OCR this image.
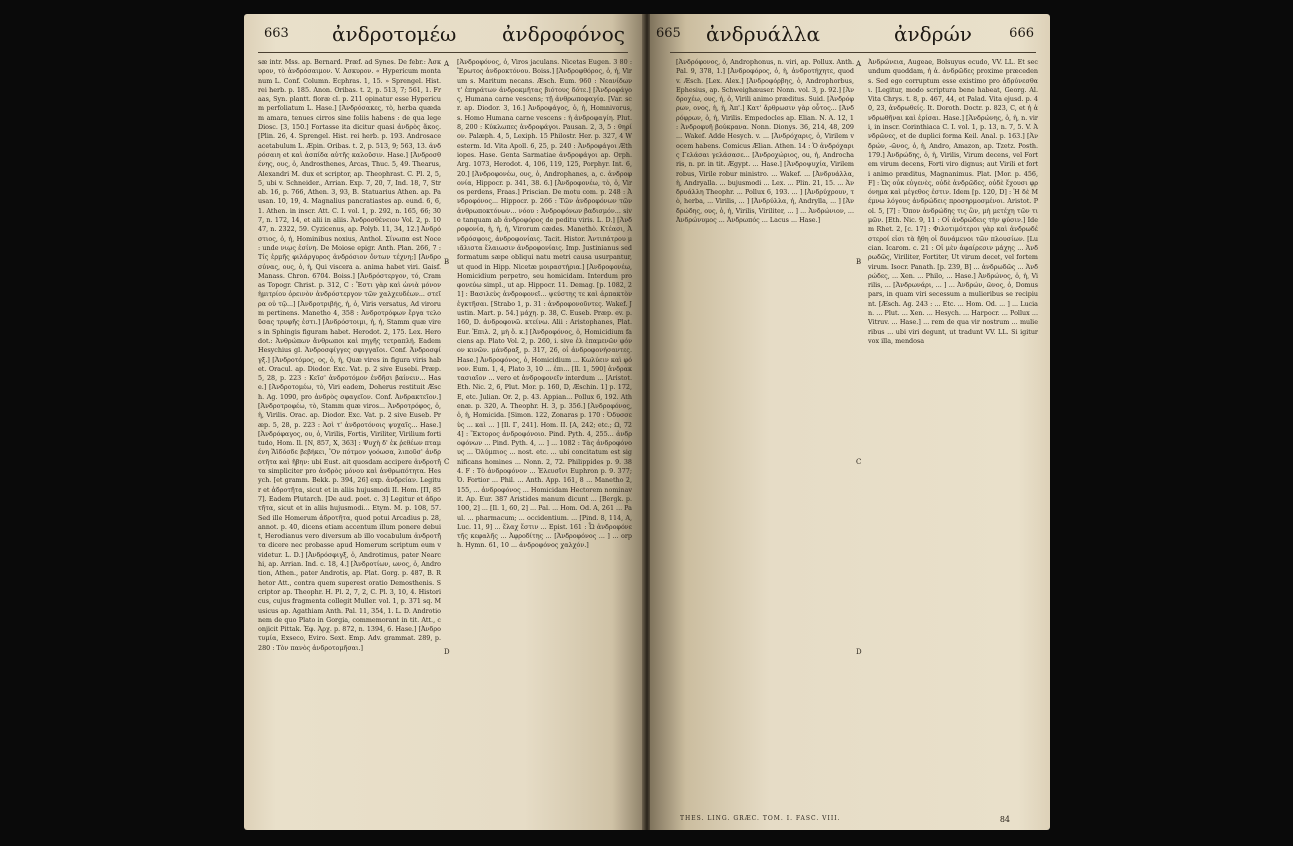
663 ἀνδροτομέω ἀνδροφόνος
sæ intr. Mss. ap. Bernard. Præf. ad Synes. De febr.: Ἀσκυρον, τὸ ἀνδρόσαιμον. V. Ἀσκυρον. « Hypericum montanum L. Conf. Column. Ecphras. 1, 15. » Sprengel. Hist. rei herb. p. 185. Anon. Oribas. t. 2, p. 513, 7; 561, 1. Fraas, Syn. plantt. floræ cl. p. 211 opinatur esse Hypericum perfoliatum L. Hase.] [Ἀνδρόσακες, τὸ, herba quædam amara, tenues cirros sine foliis habens : de qua lege Diosc. [3, 150.] Fortasse ita dicitur quasi ἀνδρὸς ἄκος. [Plin. 26, 4. Sprengel. Hist. rei herb. p. 193. Androsace acetabulum L. Æpin. Oribas. t. 2, p. 513, 9; 563, 13. ἀνδρόσαιη et καὶ ἀσπίδα αὐτῆς καλοῦσιν. Hase.] [Ἀνδροσθένης, ους, ὁ, Androsthenes, Arcas, Thuc. 5, 49. Thearus, Alexandri M. dux et scriptor, ap. Theophrast. C. Pl. 2, 5, 5, ubi v. Schneider., Arrian. Exp. 7, 20, 7, Ind. 18, 7, Strab. 16, p. 766, Athen. 3, 93, B. Statuarius Athen. ap. Pausan. 10, 19, 4. Magnalius pancratiastes ap. eund. 6, 6, 1. Athen. in inscr. Att. C. I. vol. 1, p. 292, n. 165, 66; 307, n. 172, 14, et alii in aliis. Ἀνδροσθένειον Vol. 2, p. 1047, n. 2322, 59. Cyzicenus, ap. Polyb. 11, 34, 12.] Ἀνδρόστιος, ὁ, ἡ, Hominibus noxius, Anthol. Σίνωπα est Noce : unde νιῳς ἐσίνη. De Moiose epigr. Anth. Plan. 266, 7 : Τίς ἑρμῆς φιλάργυρος ἀνδρόσιον ὄντων τέχνη;] [Ἀνδροσύνας, ους, ὁ, ἡ, Qui viscera a. anima habet viri. Gaisf. Manass. Chron. 6704. Boiss.] [Ἀνδρόστεργον, τό, Cramas Topogr. Christ. p. 312, C : Ἔστι γὰρ καὶ ὡνιὰ μόνον ἡμιτρίου ὀρεινὸν ἀνδρόστεργον τῶν χαλχευδέων... στεῖρα οὐ τῷ...] [Ἀνδροτριβής, ἡ, ὁ, Viris versatus, Ad virorum pertinens. Manetho 4, 358 : Ἀνδροτρόφων ἔργα τελοῦσας τρυφῆς ἐστι.] [Ἀνδρόστοιμι, ἡ, ἡ, Stamm quæ vires in Sphingis figuram habet. Herodot. 2, 175. Lex. Herodot.: Ἀνθρώπων ἄνθρωποι καὶ πηγῆς τετραπλή. Eadem Hesychius gl. Ἀνδροσφίγγες σφιγγαῖοι. Conf. Ἀνδροσφίγξ.] [Ἀνδροτόμος, ος, ὁ, ἡ, Quæ vires in figura viris habet. Oracul. ap. Diodor. Exc. Vat. p. 2 sive Eusebi. Præp. 5, 28, p. 223 : Κεῖσ' ἀνδροτόμον ἐνδῆσι βαίνειν... Hase.] [Ἀνδροτομέω, τὸ, Viri eadem, Doherus restituit Æsch. Ag. 1090, pro ἀνδρὸς σφαγεῖον. Conf. Ἀνδρακτεῖον.] [Ἀνδροτροφέω, τὸ, Stamm quæ viros... Ἀνδροτρόφος, ὁ, ἡ, Virilis. Orac. ap. Diodor. Exc. Vat. p. 2 sive Euseb. Præp. 5, 28, p. 223 : Ἀσὶ τ' ἀνδροτόνοις ψυχαῖς... Hase.] [Ἀνδρόφαγος, ου, ὁ, Virilis, Fortis, Viriliter, Virilium fortitudo, Hom. Il. [N, 857, X, 363] : Ψυχὴ δ' ἐκ ῥεθέων πταμένη Ἄϊδόσδε βεβήκει, Ὃν πότμον γοόωσα, λιποῦσ' ἀνδροτῆτα καὶ ἥβην: ubi Eust. ait quosdam accipere ἀνδροτῆτα simpliciter pro ἀνδρὸς μόνου καὶ ἀνθρωπότητα. Hesych. [et gramm. Bekk. p. 394, 26] exp. ἀνδρείαν. Legitur et ἀδροτῆτα, sicut et in aliis hujusmodi II. Hom. [Π, 857]. Eadem Plutarch. [De aud. poet. c. 3] Legitur et ἀδροτῆτα, sicut et in aliis hujusmodi... Etym. M. p. 108, 57. Sed ille Homerum ἀδροτῆτα, quod potui Arcadius p. 28, annot. p. 40, dicens etiam accentum illum ponere debuit, Herodianus vero diversum ab illo vocabulum ἀνδροτῆτα dicere nec probasse apud Homerum scriptum eum v videtur. L. D.] [Ἀνδρόσφιγξ, ὁ, Androtimus, pater Nearchi, ap. Arrian. Ind. c. 18, 4.] [Ἀνδροτίων, ωνος, ὁ, Androtion, Athen., pater Androtis, ap. Plat. Gorg. p. 487, B. Rhetor Att., contra quem superest oratio Demosthenis. Scriptor ap. Theophr. H. Pl. 2, 7, 2, C. Pl. 3, 10, 4. Historicus, cujus fragmenta collegit Muller. vol. 1, p. 371 sq. Musicus ap. Agathiam Anth. Pal. 11, 354, 1. L. D. Androtionem de quo Plato in Gorgia, commemorant in tit. Att., conjicit Pittak. Ἐφ. Ἀρχ. p. 872, n. 1394, 6. Hase.] [Ἀνδροτυμία, Exseco, Eviro. Sext. Emp. Adv. grammat. 289, p. 280 : Τὸν πανὸς ἀνδροτομῆσαι.]
A
B
C
D
[Ἀνδροφόνος, ὁ, Viros jaculans. Nicetas Eugen. 3 80 : Ἔρωτος ἀνδροκτόνου. Boiss.] [Ἀνδροφθόρος, ὁ, ἡ, Virum s. Maritum necans. Æsch. Eum. 960 : Νεανίδων τ' ἐπηράτων ἀνδροκμῆτας βιότους δότε.] [Ἀνδροφάγος, Humana carne vescens; τῇ ἀνθρωποφαγίᾳ. [Var. scr. ap. Diodor. 3, 16.] Ἀνδροφάγος, ὁ, ἡ, Homnivorus, s. Homo Humana carne vescens : ἡ ἀνδροφαγίη. Plut. 8, 200 : Κύκλωπες ἀνδροφάγοι. Pausan. 2, 3, 5 : θηρίον. Palæph. 4, 5, Lexiph. 15 Philostr. Her. p. 327, 4 Westerm. Id. Vita Apoll. 6, 25, p. 240 : Ἀνδροφάγοι Æthiopes. Hase. Genta Sarmatiae ἀνδροφάγοι ap. Orph. Arg. 1073, Herodot. 4, 106, 119, 125, Porphyr. Int. 6, 20.] [Ἀνδροφονέω, ους, ὁ, Androphanes, a, c. ἀνδροφονία, Hippocr. p. 341, 38. 6.] [Ἀνδροφονέω, τὸ, ὁ, Viros perdens, Fraas.] Priscian. De motu com. p. 248 : Ἀνδροφόνος... Hippocr. p. 266 : Τῶν ἀνδροφόνων τῶν ἀνθρωποκτόνων... νόου : Ἀνδροφόνων βαδισμόν... sive tanquam ab ἀνδροφόρος de peditu viris. L. D.] [Ἀνδροφονία, ἡ, ἡ, ἡ, Virorum cædes. Manethò. Κτέασι, Ἀνδρόσφοις, ἀνδροφονίαις. Tacit. Histor. Ἀντιπάτρου μιᾶλιστα ἔλαιωσιν ἀνδροφονίαις. Imp. Justinianus sed formatum sæpe obliqui natu metri causa usurpantur, ut quod in Hipp. Nicetæ μοιραστήρια.] [Ἀνδροφονέω, Homicidium perpetro, seu homicidam. Interdum pro φονεύω simpl., ut ap. Hippocr. 11. Demag. [p. 1082, 21] : Βασιλεὺς ἀνδροφονεῖ... ψεύστης τε καὶ ἀρπακτὸν ἐγκτῆσαι. [Strabo 1, p. 31 : ἀνδροφονοῦντες. Wakef. Justin. Mart. p. 54.] μάχη. p. 38, C. Euseb. Præp. ev. p. 160, D. ἀνδροφονῶ. κτείνω. Alii : Aristophanes, Plat. Eur. Ἐπιλ. 2, μὴ ὅ. κ.] [Ἀνδροφόνος, ὁ, Homicidium faciens ap. Plato Vol. 2, p. 260, i. sive ἐλ ἐπαμενῶν φόνον κινῶν. μάνδραξ, p. 317, 26, οἱ ἀνδροφονήσαντες. Hase.] Ἀνδροφόνος, ὁ, Homicidium ... Κωλύειν καὶ φόνον. Eum. 1, 4, Plato 3, 10 ... ἐπι... [Il. 1, 590] ἀνδρακτασιαῖον ... vero et ἀνδροφονεῖν interdum ... [Aristot. Eth. Nic. 2, 6, Plut. Mor. p. 160, D, Æschin. 1] p. 172, E, etc. Julian. Or. 2, p. 43. Appian... Pollux 6, 192. Athenæ. p. 320, A. Theophr. H. 3, p. 356.] [Ἀνδροφόνος, ὁ, ἡ, Homicida. [Simon. 122, Zonaras p. 170 : Ὁδυσσεὺς ... καὶ ... ] [Il. Γ, 241]. Hom. II. [A, 242; etc.; Ω, 724] : Ἕκτορος ἀνδροφόνοιο. Pind. Pyth. 4, 255... ἀνδροφόνων ... Pind. Pyth. 4, ... ] ... 1082 : Τὰς ἀνδροφόνους ... Ὀλύμπιος ... nost. etc. ... ubi concitatum est significans homines ... Nonn. 2, 72. Philippides p. 9. 384. F : Τὸ ἀνδροφόνον ... Ἐλευσῖνι Euphron p. 9. 377; Ὁ. Fortior ... Phil. ... Anth. App. 161, 8 ... Manetho 2, 155, ... ἀνδροφόνος ... Homicidam Hectorem nominavit. Ap. Eur. 387 Aristides manum dicunt ... [Bergk. p. 100, 2] ... [Il. 1, 60, 2] ... Pal. ... Hom. Od. A, 261 ... Paul. ... pharmacum; ... occidentium. ... [Pind. 8, 114, A, Luc. 11, 9] ... ἔλαχ ἔστιν ... Epist. 161 : Ὦ ἀνδροφόνε τῆς κεφαλῆς ... Ἀφροδίτης ... [Ἀνδροφόνος ... ] ... orph. Hymn. 61, 10 ... ἀνδροφόνος χαλχόν.]
665 ἀνδρυάλλα	ἀνδρών	666
[Ἀνδρόφονος, ὁ, Androphonus, n. viri, ap. Pollux. Anth. Pal. 9, 378, 1.] [Ἀνδροφόρος, ὁ, ἡ, ἀνδροτήχητε, quod v. Æsch. [Lex. Alex.] [Ἀνδροφόρβης, ὁ, Androphorbus, Ephesius, ap. Schweighæuser. Nonn. vol. 3, p. 92.] [Ἀνδροχέω, ους, ἡ, ὁ, Virili animo præditus. Suid. [Ἀνδρόφρων, ονος, ἡ, ἡ, Ἀπ'.] Κατ' ἄρθρωσιν γὰρ οὗτος... [Ἀνδρόφρων, ὁ, ἡ, Virilis. Empedocles ap. Elian. N. A. 12, 1 : Ἀνδροφυῆ βούκρανα. Nonn. Dionys. 36, 214, 48, 209 ... Wakef. Adde Hesych. v. ... [Ἀνδρόχαρις, ὁ, Virilem vocem habens. Comicus Ælian. Athen. 14 : Ὁ ἀνδρόχαρις Γελάσαι γελάσασε... [Ἀνδροχώριος, ou, ἡ, Androcharis, n. pr. in tit. Ægypt. ... Hase.] [Ἀνδροψυχία, Virilem robus, Virile robur ministro. ... Wakef. ... [Ἀνδρυάλλα, ἡ, Andryalla. ... bujusmodi ... Lex. ... Plin. 21, 15. ... Ἀνδρυάλλη Theophr. ... Pollux 6, 193. ... ] [Ἀνδρύχρουν, τὸ, herba, ... Virilis, ... ] [Ἀνδρύλλα, ἡ, Andrylla, ... ] [Ἀνδρώδης, ους, ὁ, ἡ, Virilis, Viriliter, ... ] ... Ἀνδρώνιον, ... Ἀνδρώνυμος ... Ἀνδρωπός ... Lacus ... Hase.]
A
B
C
D
Ἀνδρώνεια, Augeae, Bolsuyus ecudo, VV. LL. Et secundum quoddam, ἡ ἀ. ἀνδρῶδες proxime præcedens. Sed ego corruptum esse existimo pro ἀδρύνεσθαι. [Legitur, modo scriptura bene habeat, Georg. Al. Vita Chrys. t. 8, p. 467, 44, et Palad. Vita ejusd. p. 40, 23, ἀνδρωθείς. It. Doroth. Doctr. p. 823, C, et ἡ ἀνδρωθῆναι καὶ ἐρίσαι. Hase.] [Ἀνδρώνης, ὁ, ἡ, n. viri, in inscr. Corinthiaca C. I. vol. 1, p. 13, n. 7, 5. V. Ἀνδρῶνες, et de duplici forma Keil. Anal. p. 163.] [Ἀνδρών, -ῶνος, ὁ, ἡ, Andro, Amazon, ap. Tzetz. Posth. 179.] Ἀνδρώδης, ὁ, ἡ, Virilis, Virum decens, vel Fortem virum decens, Forti viro dignus; aut Virili et forti animo præditus, Magnanimus. Plat. [Mor. p. 456, F] : Ὡς οὐκ εὐγενὲς, οὐδὲ ἀνδρῶδες, οὐδὲ ἔχουσι φρόνημα καὶ μέγεθος ἐστιν. Idem [p. 120, D] : Ἡ δὲ Μέμνω λόγους ἀνδρώδεις προσηρμοσμένοι. Aristot. Pol. 5, [7] : Ὄπον ἀνδρώδης τις ὢν, μὴ μετέχη τῶν τιμῶν. [Eth. Nic. 9, 11 : Οἱ ἀνδρώδεις τὴν φύσιν.] Idem Rhet. 2, [c. 17] : Φιλοτιμότεροι γὰρ καὶ ἀνδρωδέστεροί εἰσι τὰ ἤθη οἱ δυνάμενοι τῶν πλουσίων. [Lucian. Icarom. c. 21 : Οἱ μὲν ἀφαίρεσιν μάχης ... Ἀνδρωδῶς, Viriliter, Fortiter, Ut virum decet, vel fortem virum. Isocr. Panath. [p. 239, B] ... ἀνδρωδῶς ... Ἀνδρώδες, ... Xen. ... Philo, ... Hase.] Ἀνδρώνος, ὁ, ἡ, Virilis, ... [Ἀνδρωνάρι, ... ] ... Ἀνδρών, ῶνος, ὁ, Domus pars, in quam viri secessum a mulieribus se recipiunt. [Æsch. Ag. 243 : ... Etc. ... Hom. Od. ... ] ... Lucian. ... Plut. ... Xen. ... Hesych. ... Harpocr. ... Pollux ... Vitruv. ... Hase.] ... rem de qua vir nostrum ... mulieribus ... ubi viri degunt, ut tradunt VV. LL. Si igitur vox illa, mendosa
THES. LING. GRÆC. TOM. I. FASC. VIII.	84
